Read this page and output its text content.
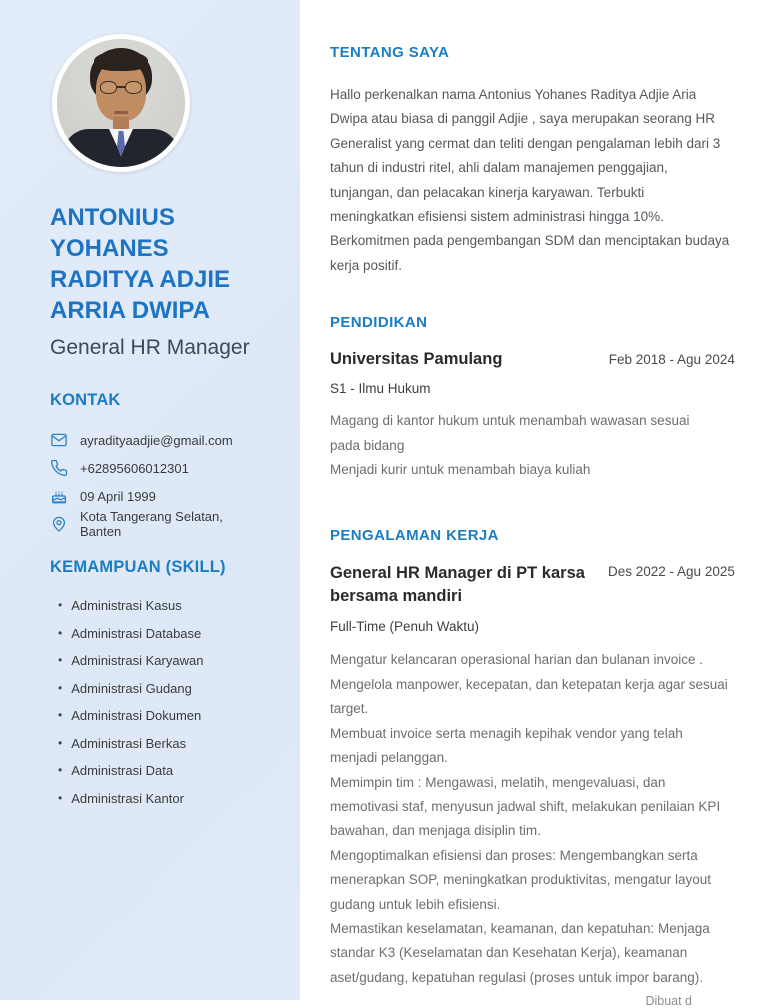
ANTONIUS YOHANES RADITYA ADJIE ARRIA DWIPA
General HR Manager
KONTAK
ayradityaadjie@gmail.com
+62895606012301
09 April 1999
Kota Tangerang Selatan, Banten
KEMAMPUAN (SKILL)
• Administrasi Kasus
• Administrasi Database
• Administrasi Karyawan
• Administrasi Gudang
• Administrasi Dokumen
• Administrasi Berkas
• Administrasi Data
• Administrasi Kantor
TENTANG SAYA

Hallo perkenalkan nama Antonius Yohanes Raditya Adjie Aria Dwipa atau biasa di panggil Adjie , saya merupakan seorang HR Generalist yang cermat dan teliti dengan pengalaman lebih dari 3 tahun di industri ritel, ahli dalam manajemen penggajian, tunjangan, dan pelacakan kinerja karyawan. Terbukti meningkatkan efisiensi sistem administrasi hingga 10%. Berkomitmen pada pengembangan SDM dan menciptakan budaya kerja positif.

PENDIDIKAN
Universitas Pamulang	Feb 2018 - Agu 2024
S1 - Ilmu Hukum
Magang di kantor hukum untuk menambah wawasan sesuai pada bidang
Menjadi kurir untuk menambah biaya kuliah
PENGALAMAN KERJA
General HR Manager di PT karsa bersama mandiri
Des 2022 - Agu 2025
Full-Time (Penuh Waktu)
Mengatur kelancaran operasional harian dan bulanan invoice .
Mengelola manpower, kecepatan, dan ketepatan kerja agar sesuai target.
Membuat invoice serta menagih kepihak vendor yang telah menjadi pelanggan.
Memimpin tim : Mengawasi, melatih, mengevaluasi, dan memotivasi staf, menyusun jadwal shift, melakukan penilaian KPI bawahan, dan menjaga disiplin tim.
Mengoptimalkan efisiensi dan proses: Mengembangkan serta menerapkan SOP, meningkatkan produktivitas, mengatur layout gudang untuk lebih efisiensi.
Memastikan keselamatan, keamanan, dan kepatuhan: Menjaga standar K3 (Keselamatan dan Kesehatan Kerja), keamanan aset/gudang, kepatuhan regulasi (proses untuk impor barang).
Dibuat d
